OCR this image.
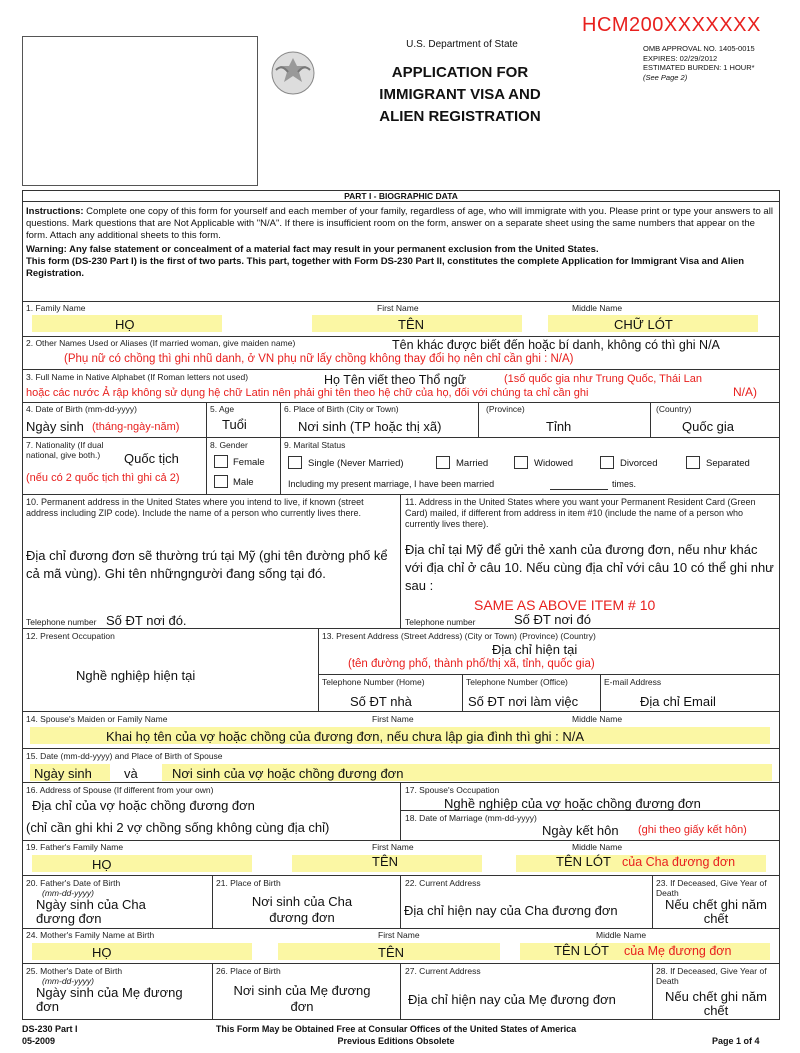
U.S. Department of State
APPLICATION FOR
IMMIGRANT VISA AND
ALIEN REGISTRATION
HCM200XXXXXXX
OMB APPROVAL NO. 1405-0015
EXPIRES: 02/29/2012
ESTIMATED BURDEN: 1 HOUR*
(See Page 2)
PART I - BIOGRAPHIC DATA
Instructions: Complete one copy of this form for yourself and each member of your family, regardless of age, who will immigrate with you. Please print or type your answers to all questions. Mark questions that are Not Applicable with "N/A". If there is insufficient room on the form, answer on a separate sheet using the same numbers that appear on the form. Attach any additional sheets to this form.
Warning: Any false statement or concealment of a material fact may result in your permanent exclusion from the United States.
This form (DS-230 Part I) is the first of two parts. This part, together with Form DS-230 Part II, constitutes the complete Application for Immigrant Visa and Alien Registration.
1. Family Name	First Name	Middle Name
HỌ	TÊN	CHỮ LÓT
2. Other Names Used or Aliases (If married woman, give maiden name)	Tên khác được biết đến hoặc bí danh, không có thì ghi N/A
(Phụ nữ có chồng thì ghi nhũ danh, ở VN phụ nữ lấy chồng không thay đổi họ nên chỉ cần ghi : N/A)
3. Full Name in Native Alphabet (If Roman letters not used)	Họ Tên viết theo Thổ ngữ	(1số quốc gia như Trung Quốc, Thái Lan
hoặc các nước Ả rập không sử dụng hệ chữ Latin nên phải ghi tên theo hệ chữ của họ, đối với chúng ta chỉ cần ghi	N/A)
4. Date of Birth (mm-dd-yyyy)
Ngày sinh (tháng-ngày-năm)
5. Age
Tuổi
6. Place of Birth (City or Town)
Nơi sinh (TP hoặc thị xã)
(Province)
Tỉnh
(Country)
Quốc gia
7. Nationality (If dual national, give both.)	Quốc tịch
(nếu có 2 quốc tịch thì ghi cả 2)
8. Gender
Female
Male
9. Marital Status
Single (Never Married)	Married	Widowed	Divorced	Separated
Including my present marriage, I have been married	times.
10. Permanent address in the United States where you intend to live, if known (street address including ZIP code). Include the name of a person who currently lives there.
Địa chỉ đương đơn sẽ thường trú tại Mỹ (ghi tên đường phố kể cả mã vùng). Ghi tên nhữngngười đang sống tại đó.
Telephone number Số ĐT nơi đó.
11. Address in the United States where you want your Permanent Resident Card (Green Card) mailed, if different from address in item #10 (include the name of a person who currently lives there).
Địa chỉ tại Mỹ để gửi thẻ xanh của đương đơn, nếu như khác với địa chỉ ở câu 10. Nếu cùng địa chỉ với câu 10 có thể ghi như sau :
SAME AS ABOVE ITEM # 10
Telephone number	Số ĐT nơi đó
12. Present Occupation
Nghề nghiệp hiện tại
13. Present Address (Street Address) (City or Town) (Province) (Country)
Địa chỉ hiện tại
(tên đường phố, thành phố/thị xã, tỉnh, quốc gia)
Telephone Number (Home)
Số ĐT nhà
Telephone Number (Office)
Số ĐT nơi làm việc
E-mail Address
Địa chỉ Email
14. Spouse's Maiden or Family Name	First Name	Middle Name
Khai họ tên của vợ hoặc chồng của đương đơn, nếu chưa lập gia đình thì ghi : N/A
15. Date (mm-dd-yyyy) and Place of Birth of Spouse
Ngày sinh và	Nơi sinh của vợ hoặc chồng đương đơn
16. Address of Spouse (If different from your own)
Địa chỉ của vợ hoặc chồng đương đơn
(chỉ cần ghi khi 2 vợ chồng sống không cùng địa chỉ)
17. Spouse's Occupation
Nghề nghiệp của vợ hoặc chồng đương đơn
18. Date of Marriage (mm-dd-yyyy)
Ngày kết hôn (ghi theo giấy kết hôn)
19. Father's Family Name	First Name	Middle Name
HỌ	TÊN	TÊN LÓT của Cha đương đơn
20. Father's Date of Birth
(mm-dd-yyyy)
Ngày sinh của Cha đương đơn
21. Place of Birth
Nơi sinh của Cha đương đơn
22. Current Address
Địa chỉ hiện nay của Cha đương đơn
23. If Deceased, Give Year of Death
Nếu chết ghi năm chết
24. Mother's Family Name at Birth	First Name	Middle Name
HỌ	TÊN	TÊN LÓT của Mẹ đương đơn
25. Mother's Date of Birth
(mm-dd-yyyy)
Ngày sinh của Mẹ đương đơn
26. Place of Birth
Nơi sinh của Mẹ đương đơn
27. Current Address
Địa chỉ hiện nay của Mẹ đương đơn
28. If Deceased, Give Year of Death
Nếu chết ghi năm chết
DS-230 Part I
05-2009
This Form May be Obtained Free at Consular Offices of the United States of America
Previous Editions Obsolete	Page 1 of 4
